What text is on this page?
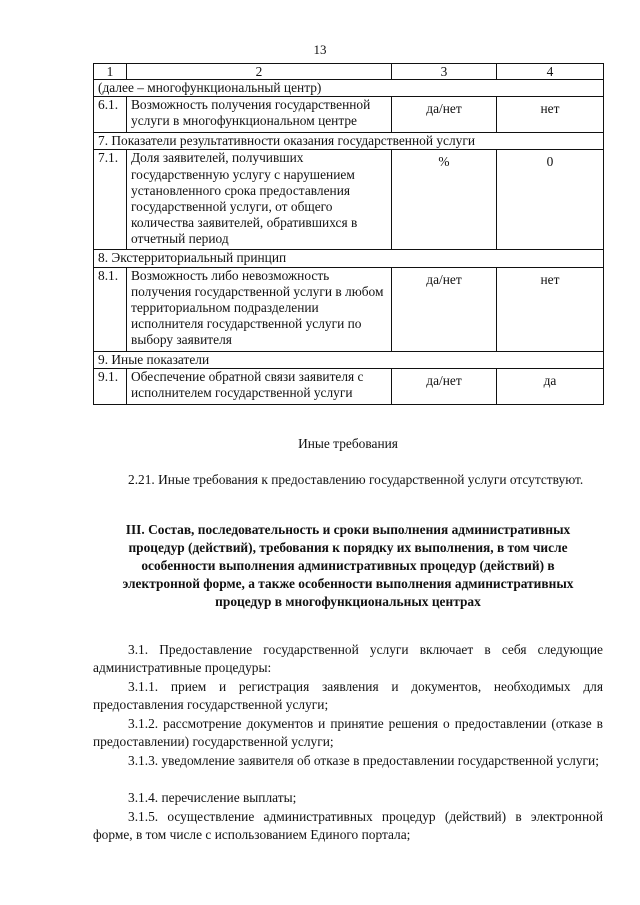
13
1	2	3	4
(далее – многофункциональный центр)			
6.1.	Возможность получения государственной услуги в многофункциональном центре	да/нет	нет
7. Показатели результативности оказания государственной услуги			
7.1.	Доля заявителей, получивших государственную услугу с нарушением установленного срока предоставления государственной услуги, от общего количества заявителей, обратившихся в отчетный период	%	0
8. Экстерриториальный принцип			
8.1.	Возможность либо невозможность получения государственной услуги в любом территориальном подразделении исполнителя государственной услуги по выбору заявителя	да/нет	нет
9. Иные показатели			
9.1.	Обеспечение обратной связи заявителя с исполнителем государственной услуги	да/нет	да
Иные требования
2.21. Иные требования к предоставлению государственной услуги отсутствуют.
III. Состав, последовательность и сроки выполнения административных процедур (действий), требования к порядку их выполнения, в том числе особенности выполнения административных процедур (действий) в электронной форме, а также особенности выполнения административных процедур в многофункциональных центрах
3.1. Предоставление государственной услуги включает в себя следующие административные процедуры:
3.1.1. прием и регистрация заявления и документов, необходимых для предоставления государственной услуги;
3.1.2. рассмотрение документов и принятие решения о предоставлении (отказе в предоставлении) государственной услуги;
3.1.3. уведомление заявителя об отказе в предоставлении государственной услуги;
3.1.4. перечисление выплаты;
3.1.5. осуществление административных процедур (действий) в электронной форме, в том числе с использованием Единого портала;
